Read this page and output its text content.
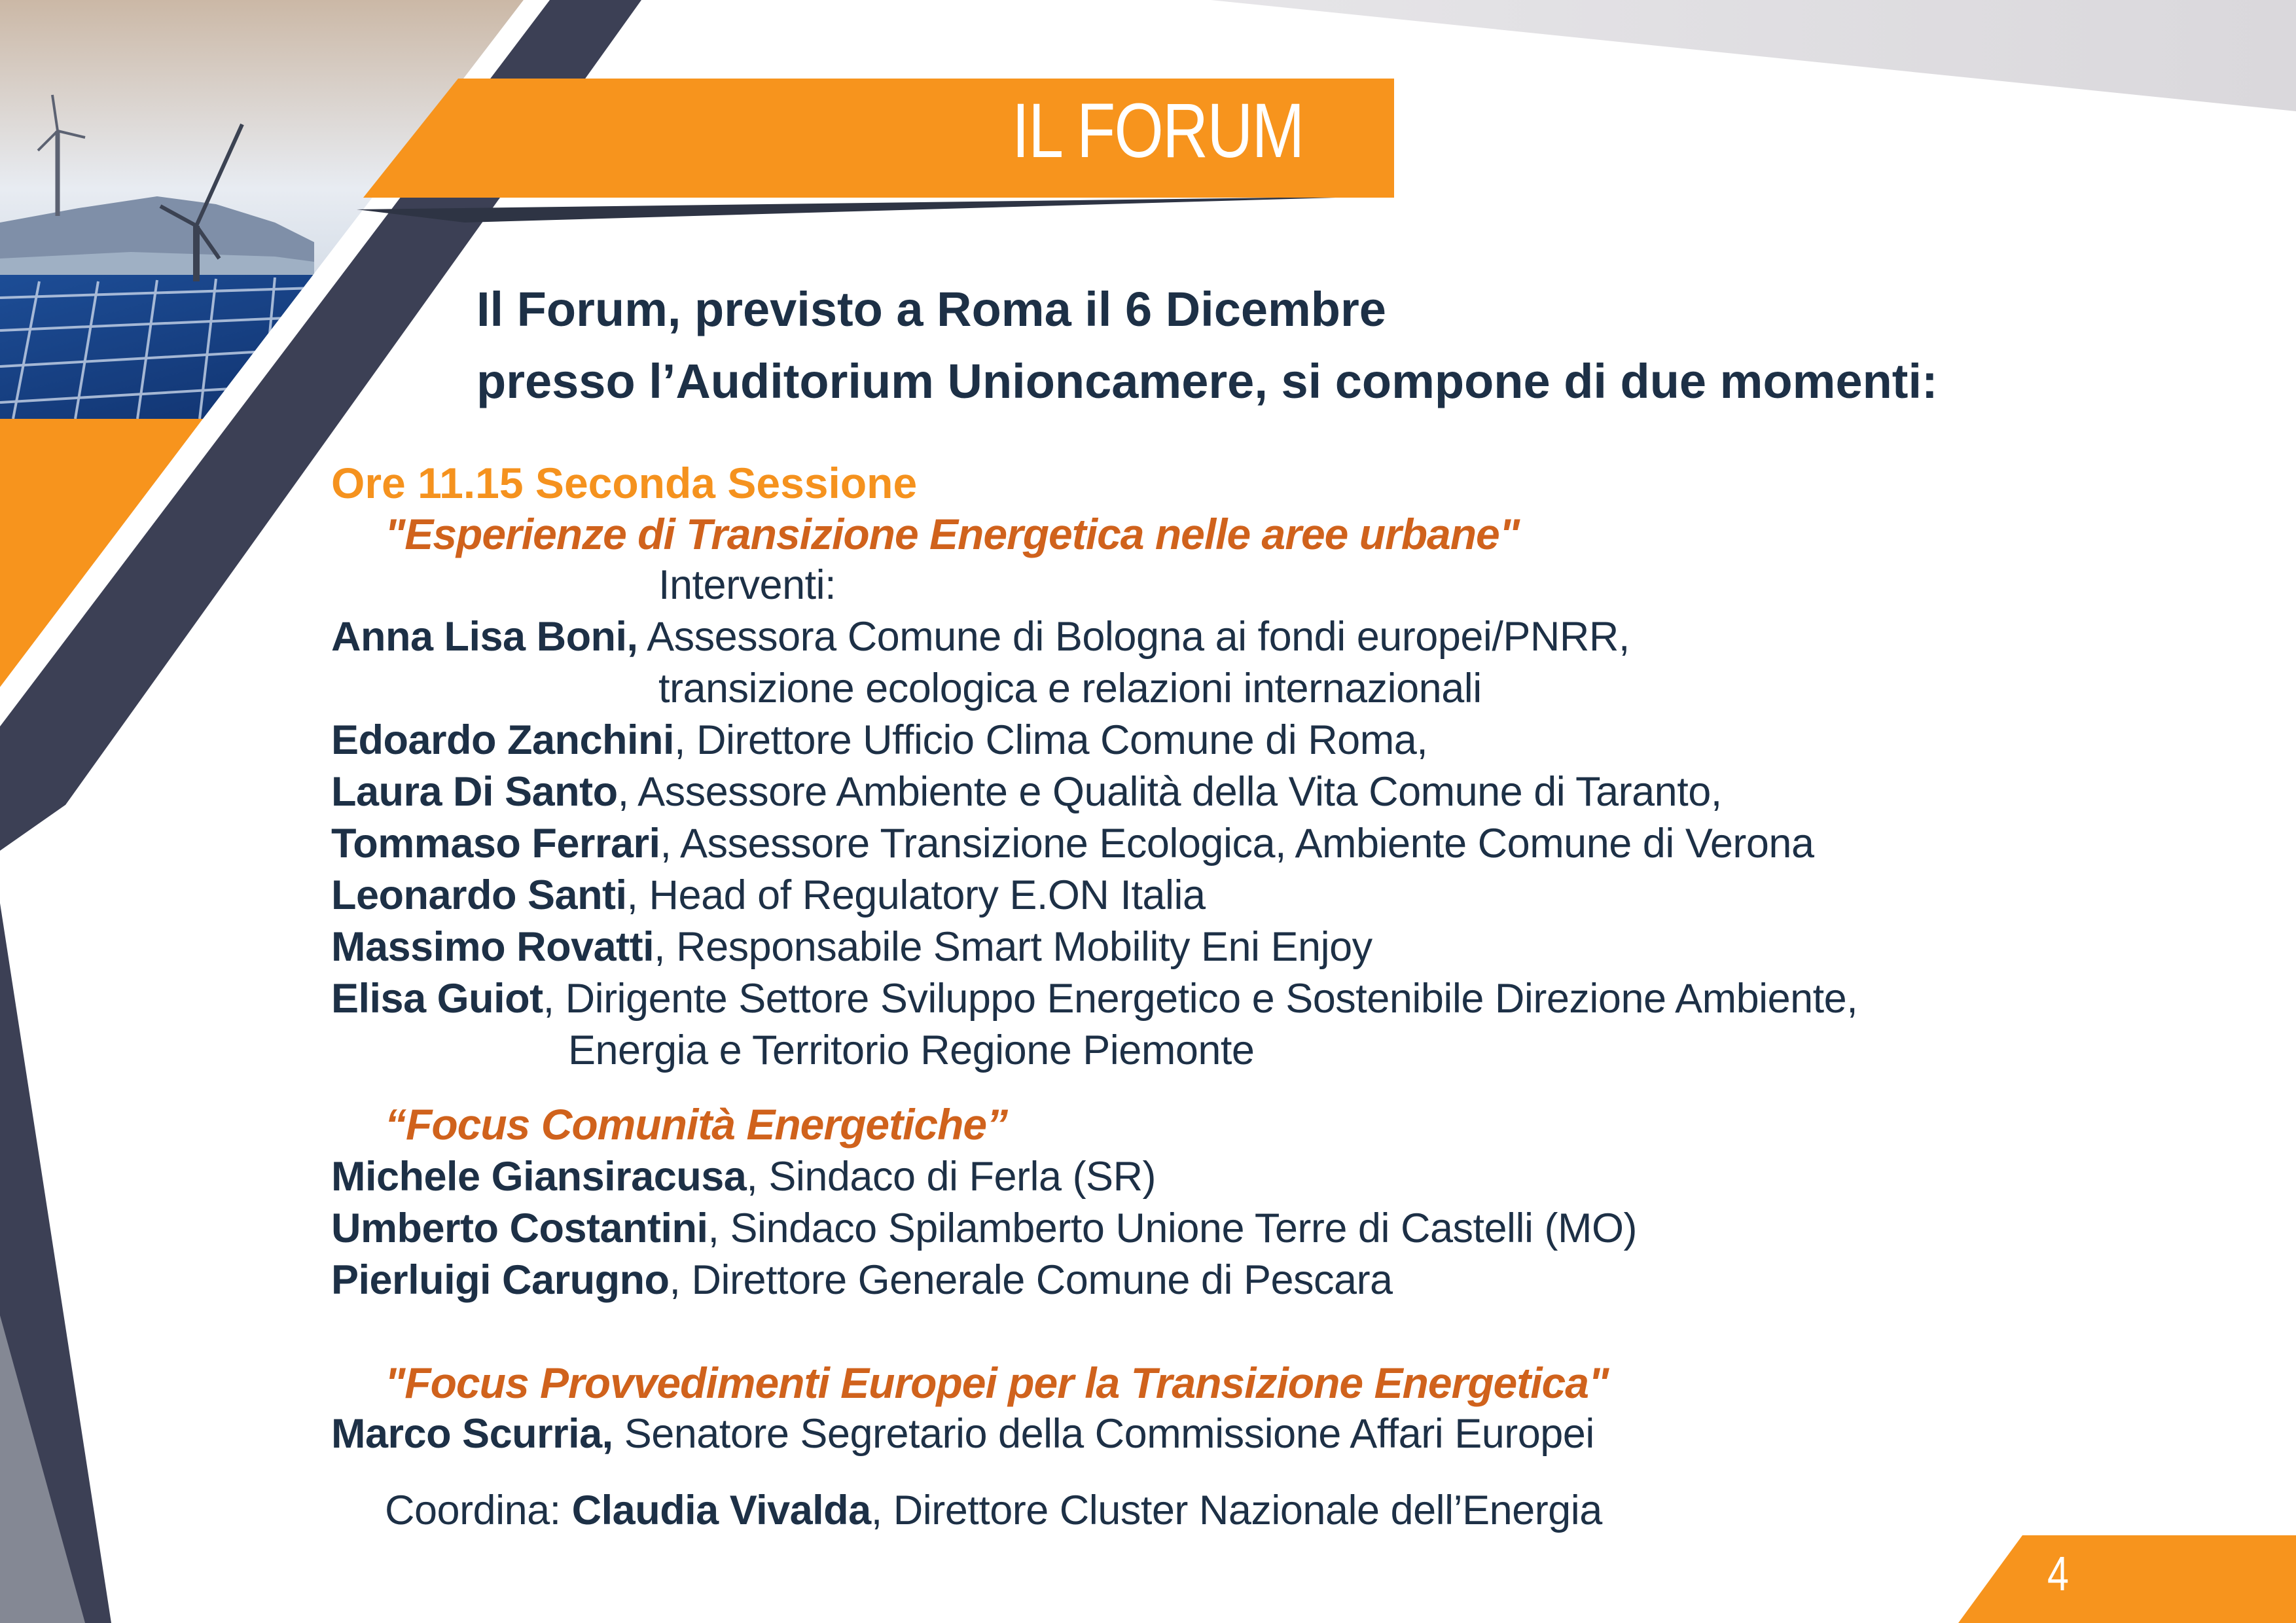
IL FORUM
Il Forum, previsto a Roma il 6 Dicembre
presso l’Auditorium Unioncamere, si compone di due momenti:
Ore 11.15 Seconda Sessione
"Esperienze di Transizione Energetica nelle aree urbane"
Interventi:
Anna Lisa Boni, Assessora Comune di Bologna ai fondi europei/PNRR,
transizione ecologica e relazioni internazionali
Edoardo Zanchini, Direttore Ufficio Clima Comune di Roma,
Laura Di Santo, Assessore Ambiente e Qualità della Vita Comune di Taranto,
Tommaso Ferrari, Assessore Transizione Ecologica, Ambiente Comune di Verona
Leonardo Santi, Head of Regulatory E.ON Italia
Massimo Rovatti, Responsabile Smart Mobility Eni Enjoy
Elisa Guiot, Dirigente Settore Sviluppo Energetico e Sostenibile Direzione Ambiente,
Energia e Territorio Regione Piemonte
“Focus Comunità Energetiche”
Michele Giansiracusa, Sindaco di Ferla (SR)
Umberto Costantini, Sindaco Spilamberto Unione Terre di Castelli (MO)
Pierluigi Carugno, Direttore Generale Comune di Pescara
"Focus Provvedimenti Europei per la Transizione Energetica"
Marco Scurria, Senatore Segretario della Commissione Affari Europei
Coordina: Claudia Vivalda, Direttore Cluster Nazionale dell’Energia
4
